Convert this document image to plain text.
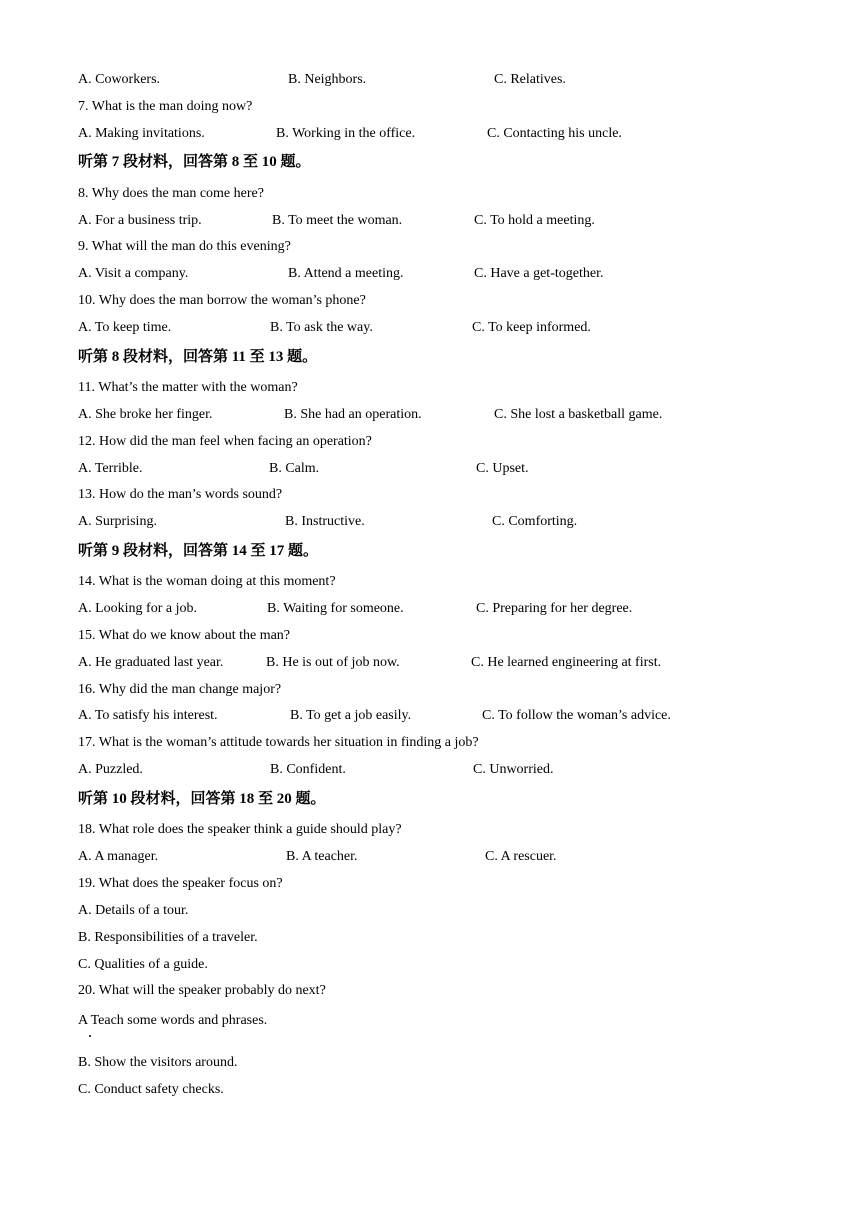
A. Coworkers.	B. Neighbors.	C. Relatives.
7. What is the man doing now?
A. Making invitations.	B. Working in the office.	C. Contacting his uncle.
听第 7 段材料，回答第 8 至 10 题。
8. Why does the man come here?
A. For a business trip.	B. To meet the woman.	C. To hold a meeting.
9. What will the man do this evening?
A. Visit a company.	B. Attend a meeting.	C. Have a get-together.
10. Why does the man borrow the woman’s phone?
A. To keep time.	B. To ask the way.	C. To keep informed.
听第 8 段材料，回答第 11 至 13 题。
11. What’s the matter with the woman?
A. She broke her finger.	B. She had an operation.	C. She lost a basketball game.
12. How did the man feel when facing an operation?
A. Terrible.	B. Calm.	C. Upset.
13. How do the man’s words sound?
A. Surprising.	B. Instructive.	C. Comforting.
听第 9 段材料，回答第 14 至 17 题。
14. What is the woman doing at this moment?
A. Looking for a job.	B. Waiting for someone.	C. Preparing for her degree.
15. What do we know about the man?
A. He graduated last year.	B. He is out of job now.	C. He learned engineering at first.
16. Why did the man change major?
A. To satisfy his interest.	B. To get a job easily.	C. To follow the woman’s advice.
17. What is the woman’s attitude towards her situation in finding a job?
A. Puzzled.	B. Confident.	C. Unworried.
听第 10 段材料，回答第 18 至 20 题。
18. What role does the speaker think a guide should play?
A. A manager.	B. A teacher.	C. A rescuer.
19. What does the speaker focus on?
A. Details of a tour.
B. Responsibilities of a traveler.
C. Qualities of a guide.
20. What will the speaker probably do next?
A Teach some words and phrases.
B. Show the visitors around.
C. Conduct safety checks.
